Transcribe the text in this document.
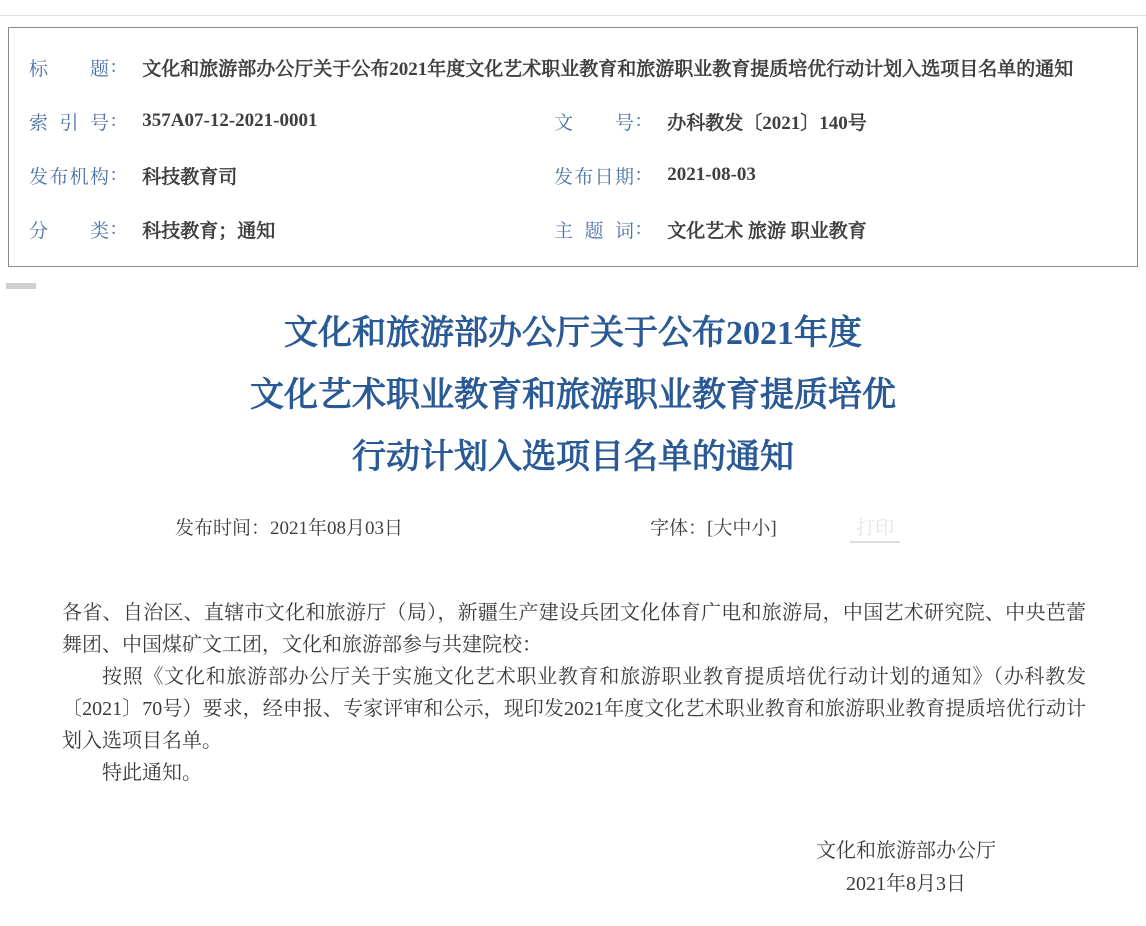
标题 : 文化和旅游部办公厅关于公布2021年度文化艺术职业教育和旅游职业教育提质培优行动计划入选项目名单的通知
索引号 : 357A07-12-2021-0001	文号 : 办科教发〔2021〕140号
发布机构 : 科技教育司	发布日期 : 2021-08-03
分类 : 科技教育；通知	主题词 : 文化艺术 旅游 职业教育
文化和旅游部办公厅关于公布2021年度
文化艺术职业教育和旅游职业教育提质培优
行动计划入选项目名单的通知
发布时间：2021年08月03日	字体：[大中小]	打印

各省、自治区、直辖市文化和旅游厅（局），新疆生产建设兵团文化体育广电和旅游局，中国艺术研究院、中央芭蕾舞团、中国煤矿文工团，文化和旅游部参与共建院校：

按照《文化和旅游部办公厅关于实施文化艺术职业教育和旅游职业教育提质培优行动计划的通知》（办科教发〔2021〕70号）要求，经申报、专家评审和公示，现印发2021年度文化艺术职业教育和旅游职业教育提质培优行动计划入选项目名单。

特此通知。

文化和旅游部办公厅
2021年8月3日
